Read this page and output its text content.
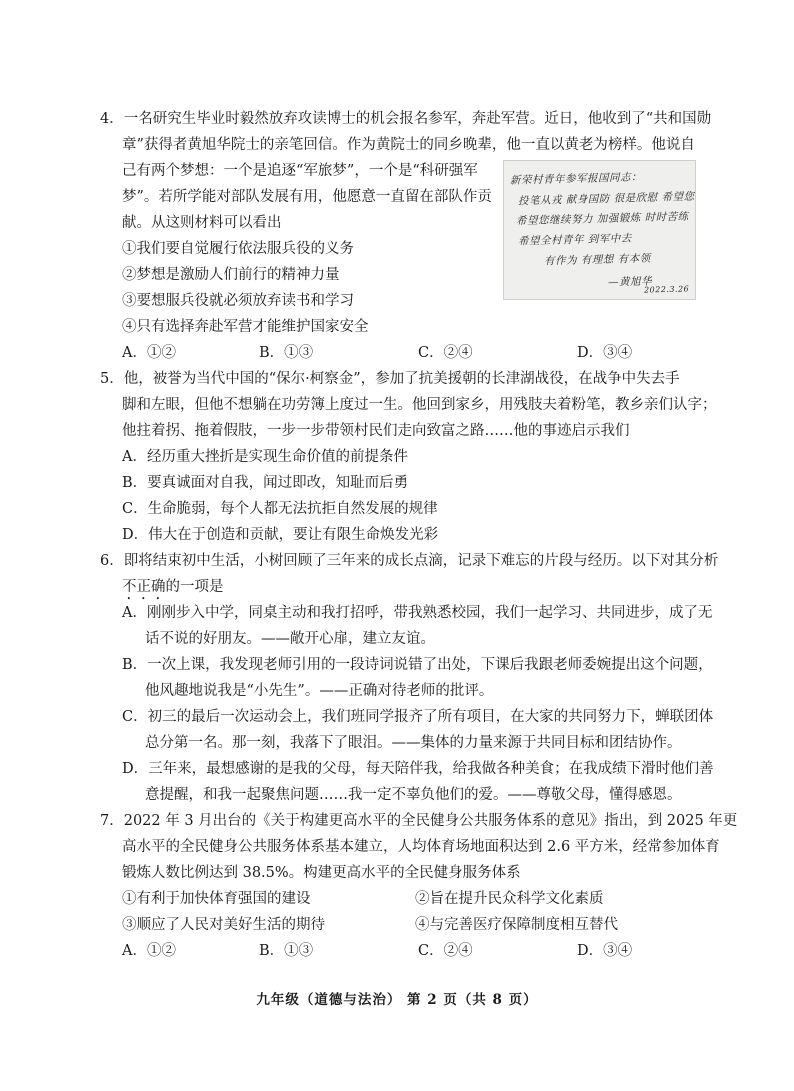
4．一名研究生毕业时毅然放弃攻读博士的机会报名参军，奔赴军营。近日，他收到了“共和国勋
章”获得者黄旭华院士的亲笔回信。作为黄院士的同乡晚辈，他一直以黄老为榜样。他说自
己有两个梦想：一个是追逐“军旅梦”，一个是“科研强军
梦”。若所学能对部队发展有用，他愿意一直留在部队作贡
献。从这则材料可以看出
①我们要自觉履行依法服兵役的义务
②梦想是激励人们前行的精神力量
③要想服兵役就必须放弃读书和学习
④只有选择奔赴军营才能维护国家安全
A．①②	B．①③	C．②④	D．③④
新荣村青年参军报国同志：
投笔从戎 献身国防 很是欣慰 希望您
希望您继续努力 加强锻炼 时时苦练
希望全村青年 到军中去
有作为 有理想 有本领
—黄旭华
2022.3.26
5．他，被誉为当代中国的“保尔·柯察金”，参加了抗美援朝的长津湖战役，在战争中失去手
脚和左眼，但他不想躺在功劳簿上度过一生。他回到家乡，用残肢夫着粉笔，教乡亲们认字；
他拄着拐、拖着假肢，一步一步带领村民们走向致富之路……他的事迹启示我们
A．经历重大挫折是实现生命价值的前提条件
B．要真诚面对自我，闻过即改，知耻而后勇
C．生命脆弱，每个人都无法抗拒自然发展的规律
D．伟大在于创造和贡献，要让有限生命焕发光彩
6．即将结束初中生活，小树回顾了三年来的成长点滴，记录下难忘的片段与经历。以下对其分析
不正确的一项是
A．刚刚步入中学，同桌主动和我打招呼，带我熟悉校园，我们一起学习、共同进步，成了无
话不说的好朋友。——敞开心扉，建立友谊。
B．一次上课，我发现老师引用的一段诗词说错了出处，下课后我跟老师委婉提出这个问题，
他风趣地说我是“小先生”。——正确对待老师的批评。
C．初三的最后一次运动会上，我们班同学报齐了所有项目，在大家的共同努力下，蝉联团体
总分第一名。那一刻，我落下了眼泪。——集体的力量来源于共同目标和团结协作。
D．三年来，最想感谢的是我的父母，每天陪伴我，给我做各种美食；在我成绩下滑时他们善
意提醒，和我一起聚焦问题……我一定不辜负他们的爱。——尊敬父母，懂得感恩。
7．2022 年 3 月出台的《关于构建更高水平的全民健身公共服务体系的意见》指出，到 2025 年更
高水平的全民健身公共服务体系基本建立，人均体育场地面积达到 2.6 平方米，经常参加体育
锻炼人数比例达到 38.5%。构建更高水平的全民健身服务体系
①有利于加快体育强国的建设	②旨在提升民众科学文化素质
③顺应了人民对美好生活的期待	④与完善医疗保障制度相互替代
A．①②	B．①③	C．②④	D．③④
九年级（道德与法治） 第 2 页（共 8 页）
